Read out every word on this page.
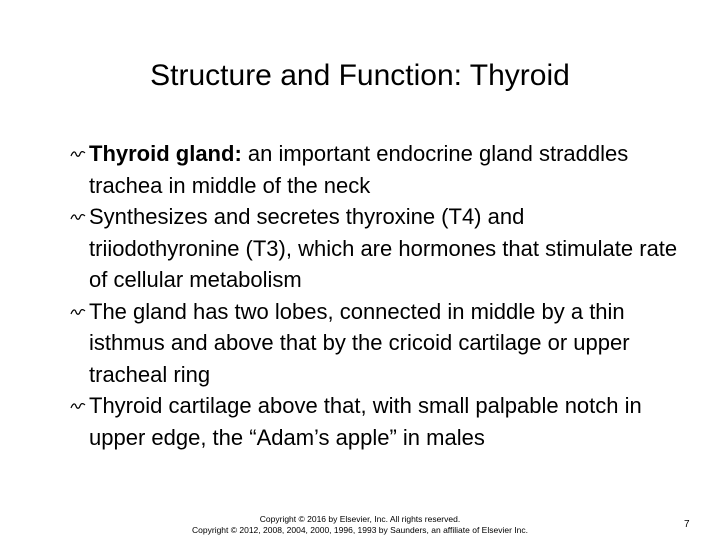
Structure and Function: Thyroid
Thyroid gland: an important endocrine gland straddles trachea in middle of the neck
Synthesizes and secretes thyroxine (T4) and triiodothyronine (T3), which are hormones that stimulate rate of cellular metabolism
The gland has two lobes, connected in middle by a thin isthmus and above that by the cricoid cartilage or upper tracheal ring
Thyroid cartilage above that, with small palpable notch in upper edge, the “Adam’s apple” in males
Copyright © 2016 by Elsevier, Inc. All rights reserved.
Copyright © 2012, 2008, 2004, 2000, 1996, 1993 by Saunders, an affiliate of Elsevier Inc.	7
